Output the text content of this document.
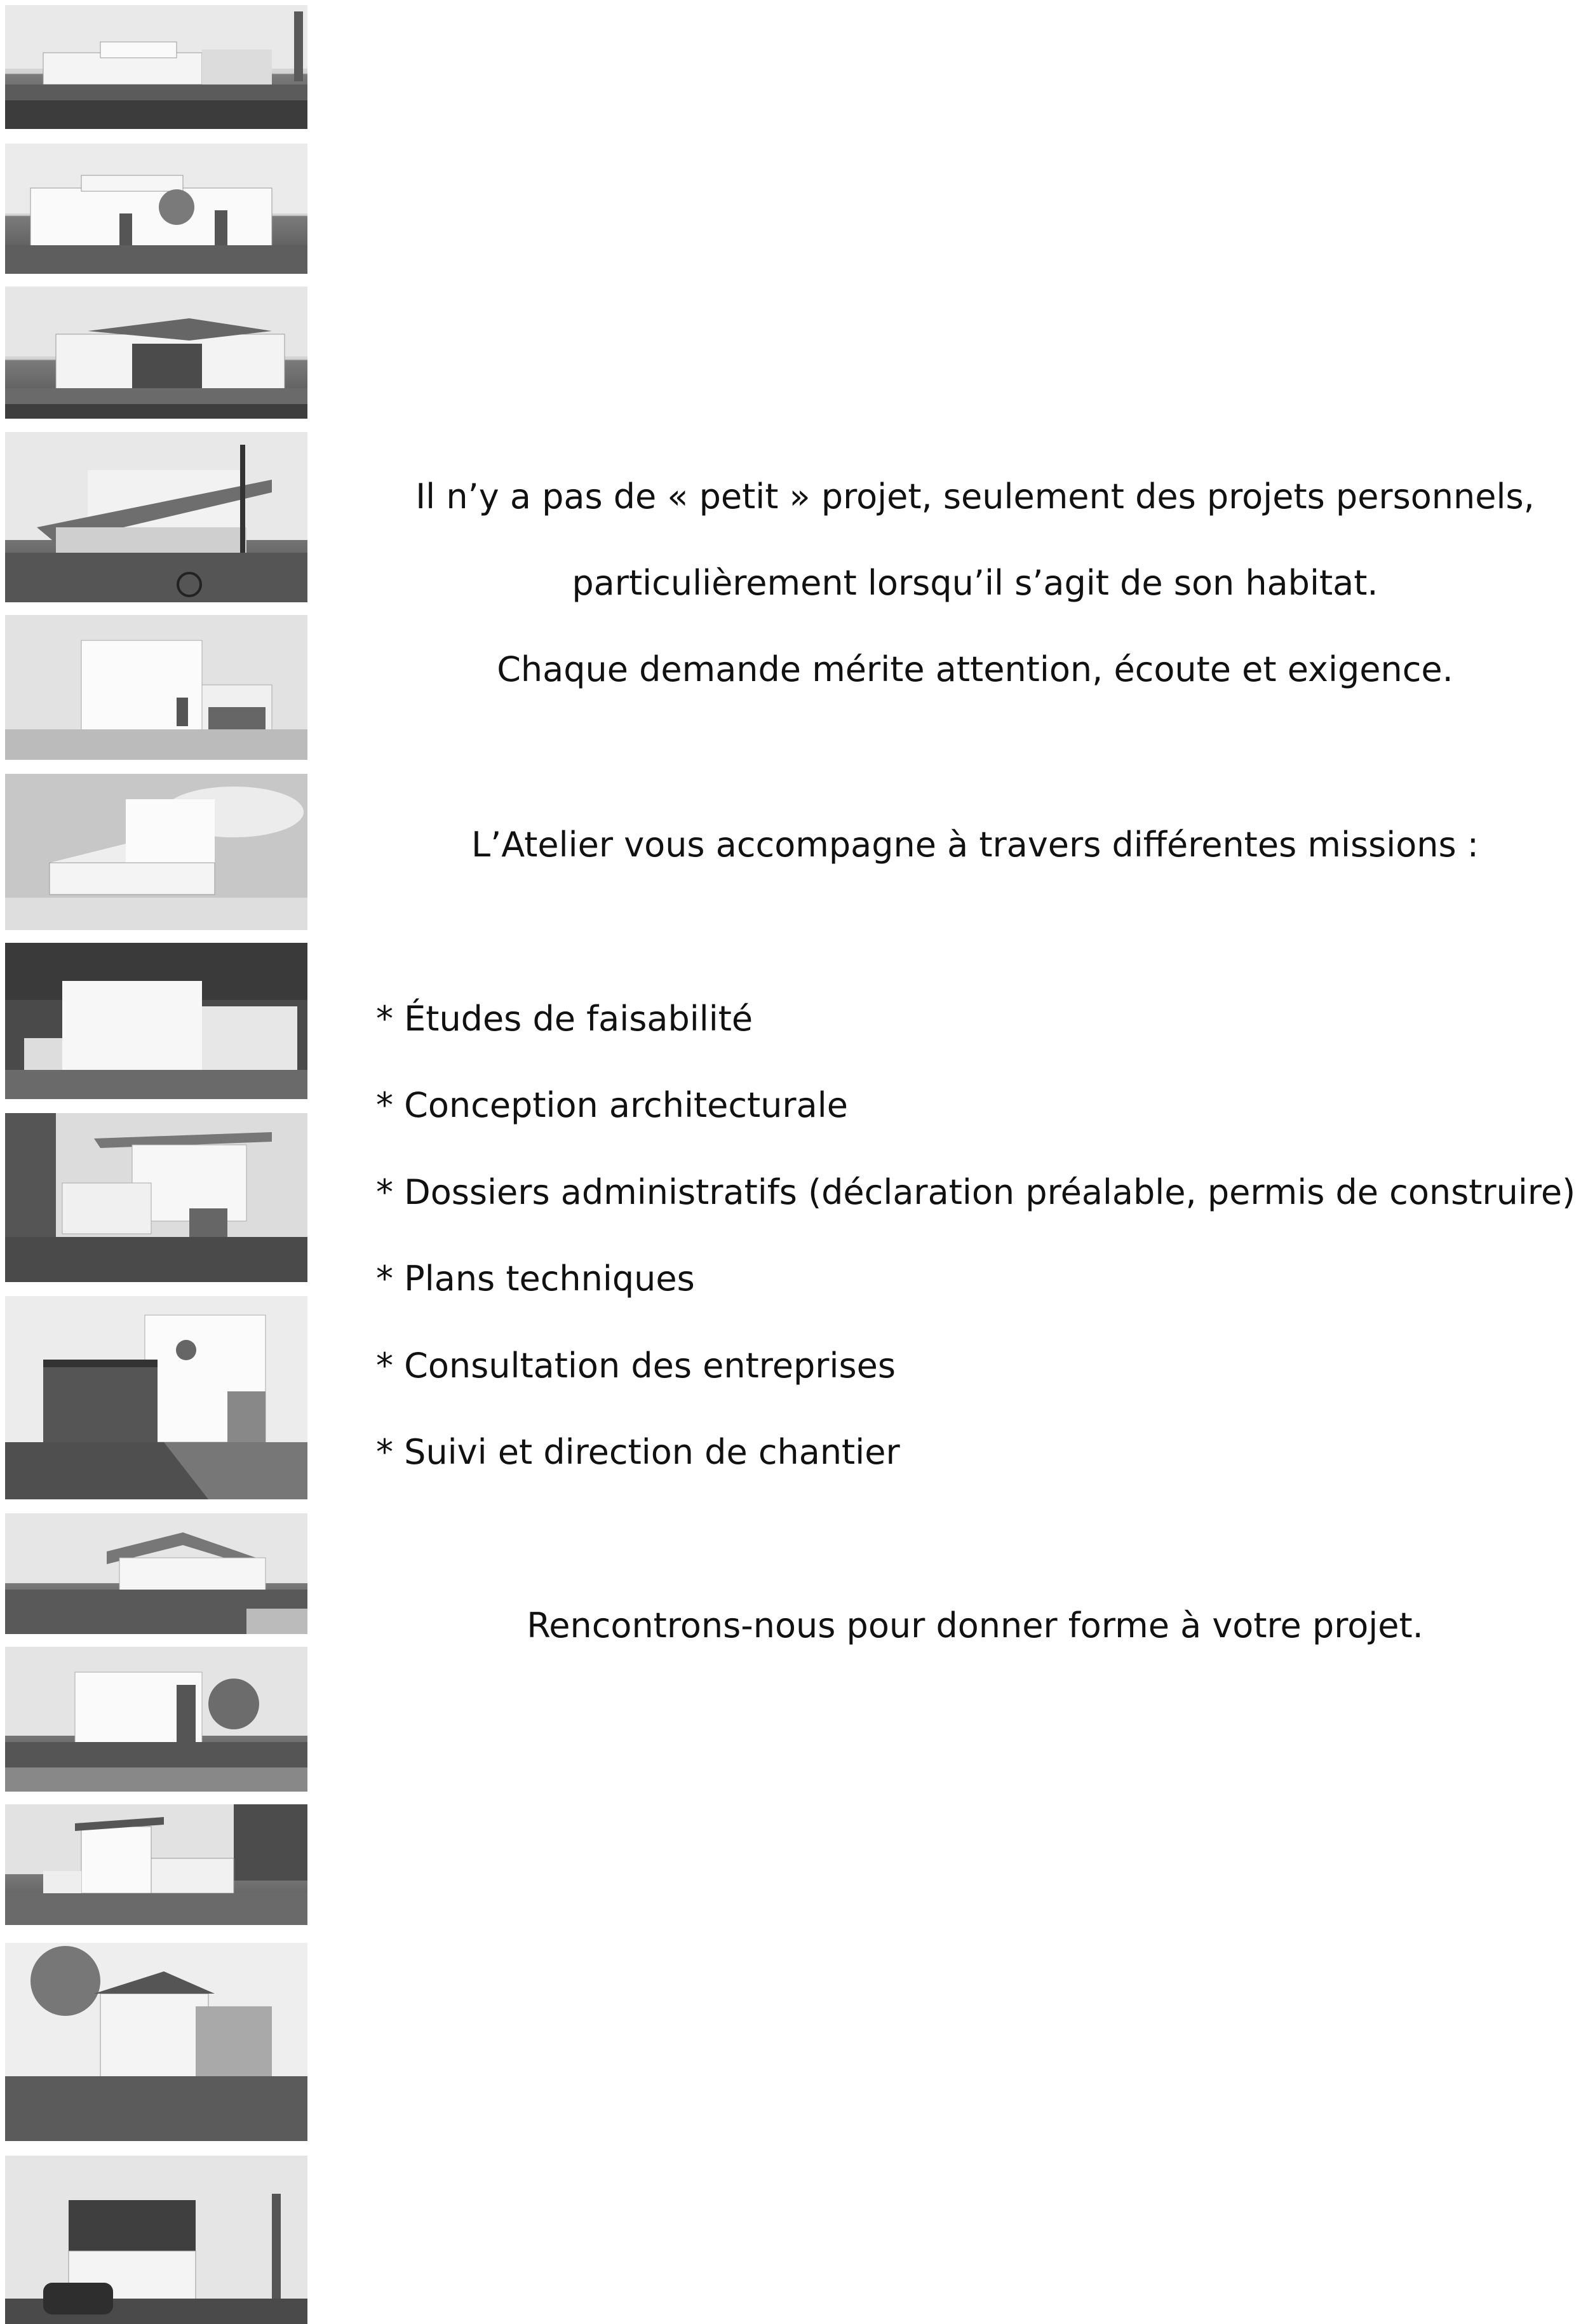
Il n’y a pas de « petit » projet, seulement des projets personnels,
particulièrement lorsqu’il s’agit de son habitat.
Chaque demande mérite attention, écoute et exigence.
L’Atelier vous accompagne à travers différentes missions :
* Études de faisabilité
* Conception architecturale
* Dossiers administratifs (déclaration préalable, permis de construire)
* Plans techniques
* Consultation des entreprises
* Suivi et direction de chantier
Rencontrons-nous pour donner forme à votre projet.
